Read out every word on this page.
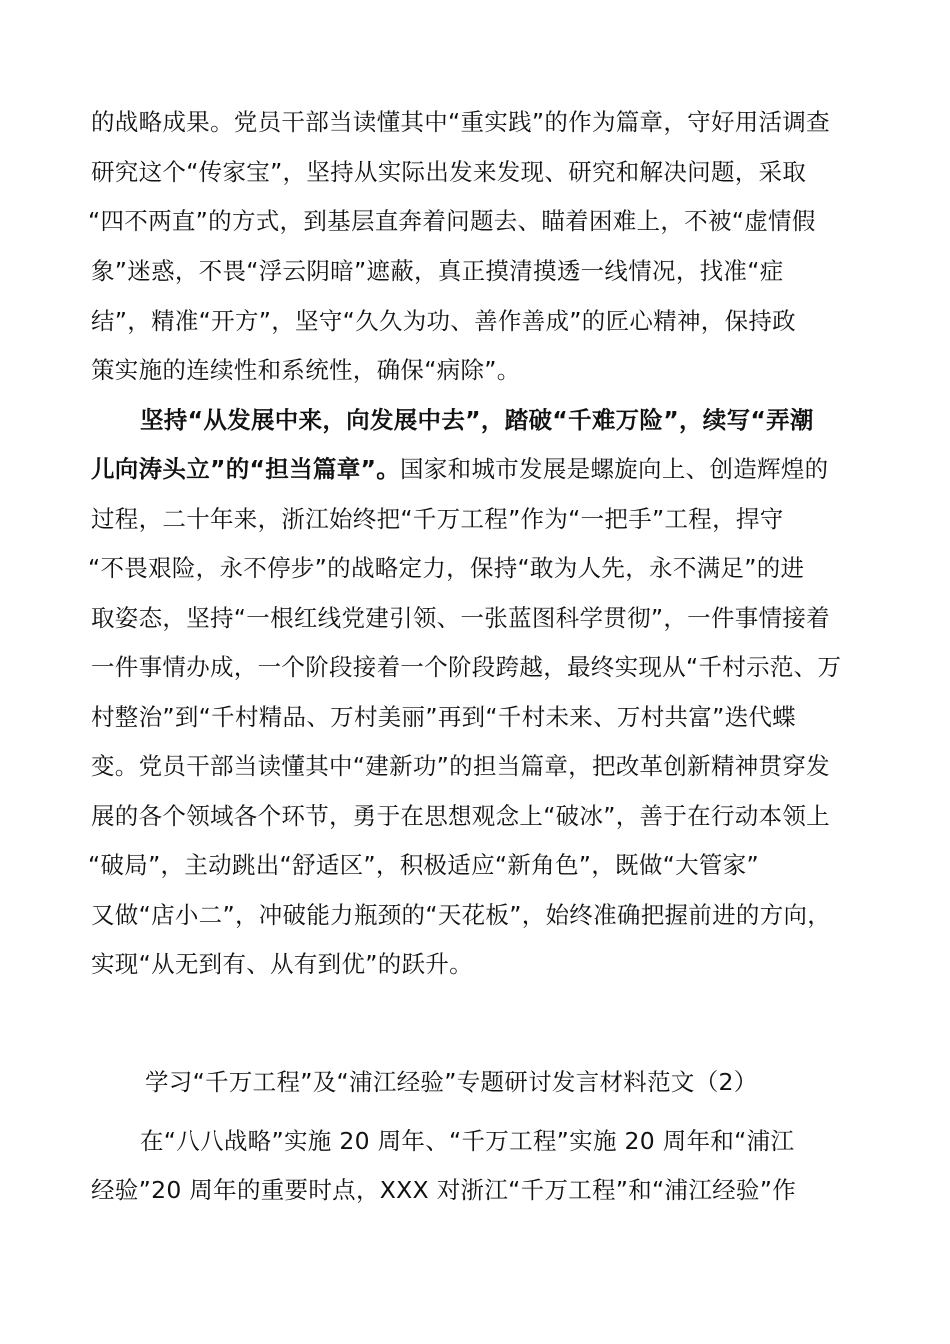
的战略成果。党员干部当读懂其中“重实践”的作为篇章，守好用活调查
研究这个“传家宝”，坚持从实际出发来发现、研究和解决问题，采取
“四不两直”的方式，到基层直奔着问题去、瞄着困难上，不被“虚情假
象”迷惑，不畏“浮云阴暗”遮蔽，真正摸清摸透一线情况，找准“症
结”，精准“开方”，坚守“久久为功、善作善成”的匠心精神，保持政
策实施的连续性和系统性，确保“病除”。
坚持“从发展中来，向发展中去”，踏破“千难万险”，续写“弄潮
儿向涛头立”的“担当篇章”。国家和城市发展是螺旋向上、创造辉煌的
过程，二十年来，浙江始终把“千万工程”作为“一把手”工程，捍守
“不畏艰险，永不停步”的战略定力，保持“敢为人先，永不满足”的进
取姿态，坚持“一根红线党建引领、一张蓝图科学贯彻”，一件事情接着
一件事情办成，一个阶段接着一个阶段跨越，最终实现从“千村示范、万
村整治”到“千村精品、万村美丽”再到“千村未来、万村共富”迭代蝶
变。党员干部当读懂其中“建新功”的担当篇章，把改革创新精神贯穿发
展的各个领域各个环节，勇于在思想观念上“破冰”，善于在行动本领上
“破局”，主动跳出“舒适区”，积极适应“新角色”，既做“大管家”
又做“店小二”，冲破能力瓶颈的“天花板”，始终准确把握前进的方向，
实现“从无到有、从有到优”的跃升。
学习“千万工程”及“浦江经验”专题研讨发言材料范文（2）
在“八八战略”实施 20 周年、“千万工程”实施 20 周年和“浦江
经验”20 周年的重要时点，XXX 对浙江“千万工程”和“浦江经验”作
